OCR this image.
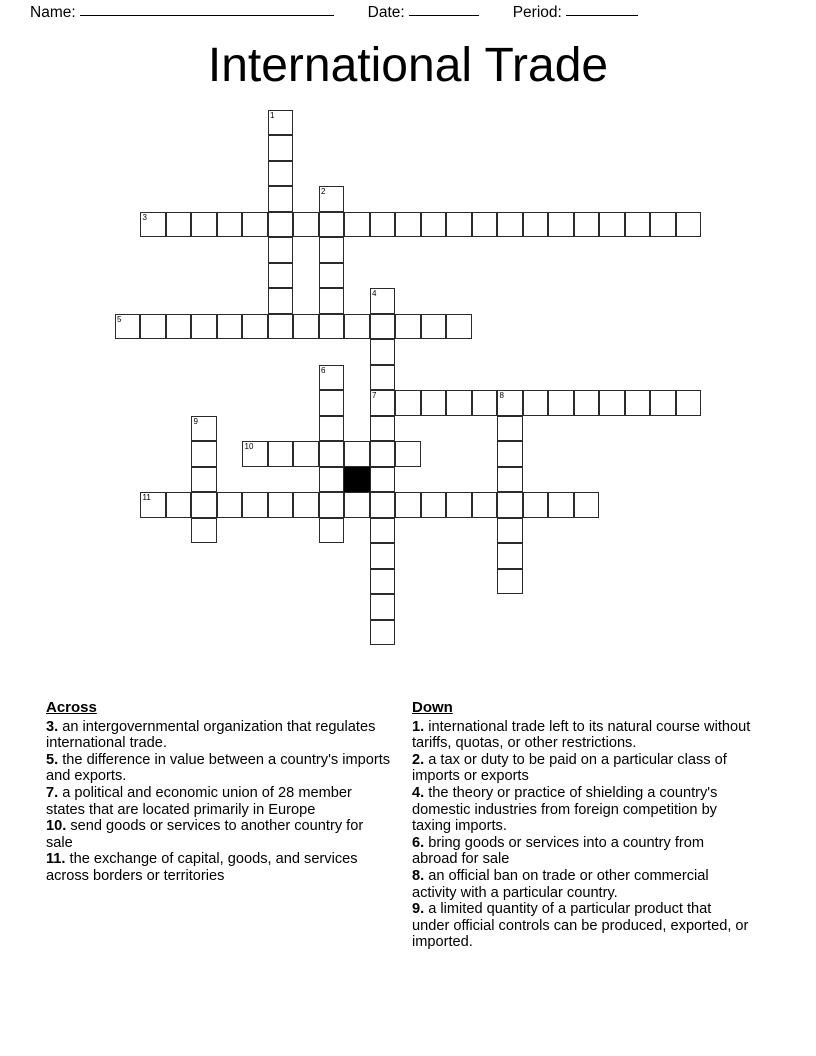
Name:	Date:	Period:
International Trade
1
2
3
4
7
5
6
8
9
10
11
Across
3. an intergovernmental organization that regulates international trade.
5. the difference in value between a country's imports and exports.
7. a political and economic union of 28 member states that are located primarily in Europe
10. send goods or services to another country for sale
11. the exchange of capital, goods, and services across borders or territories
Down
1. international trade left to its natural course without tariffs, quotas, or other restrictions.
2. a tax or duty to be paid on a particular class of imports or exports
4. the theory or practice of shielding a country's domestic industries from foreign competition by taxing imports.
6. bring goods or services into a country from abroad for sale
8. an official ban on trade or other commercial activity with a particular country.
9. a limited quantity of a particular product that under official controls can be produced, exported, or imported.
